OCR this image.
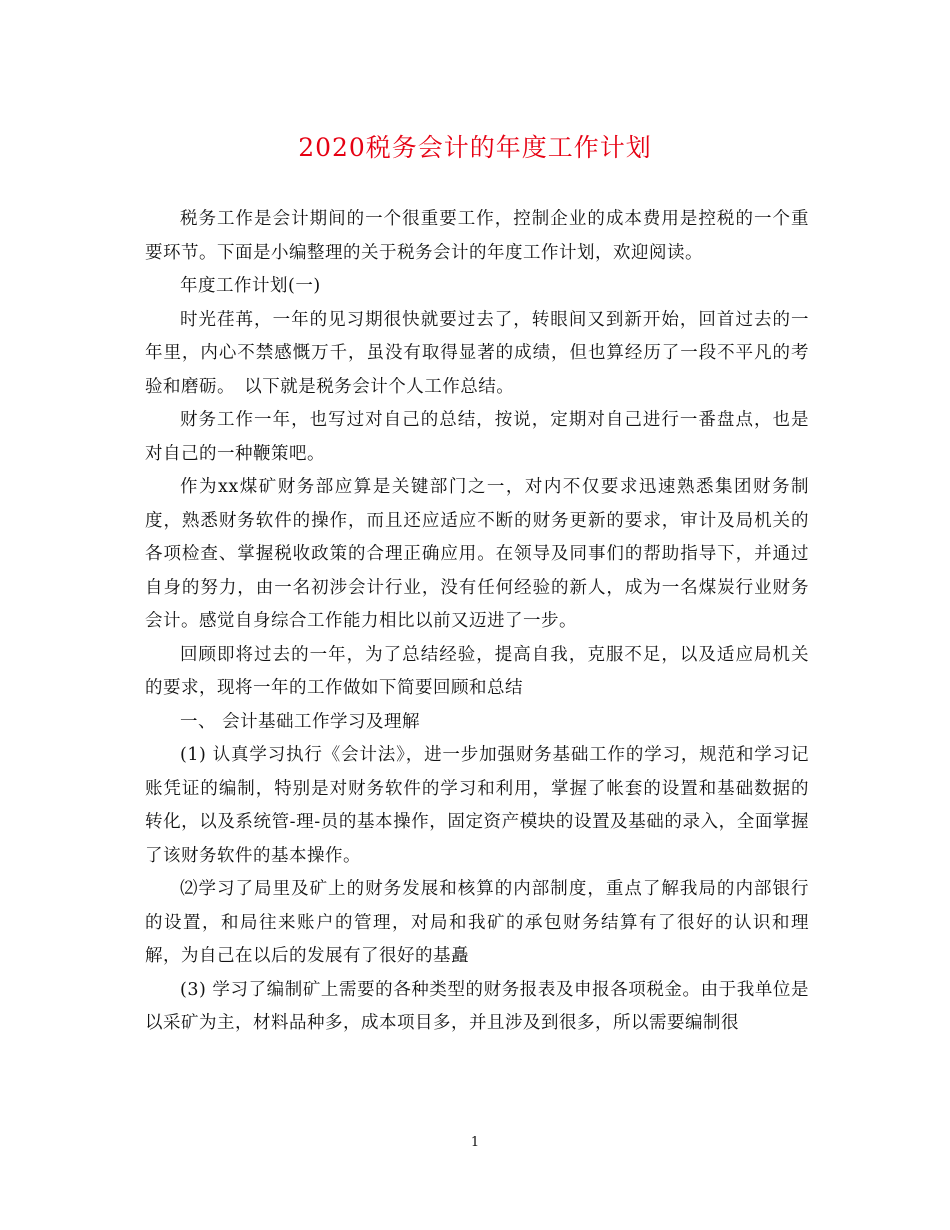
2020税务会计的年度工作计划

税务工作是会计期间的一个很重要工作，控制企业的成本费用是控税的一个重要环节。下面是小编整理的关于税务会计的年度工作计划，欢迎阅读。

年度工作计划(一)

时光荏苒，一年的见习期很快就要过去了，转眼间又到新开始，回首过去的一年里，内心不禁感慨万千，虽没有取得显著的成绩，但也算经历了一段不平凡的考验和磨砺。　以下就是税务会计个人工作总结。

财务工作一年，也写过对自己的总结，按说，定期对自己进行一番盘点，也是对自己的一种鞭策吧。

作为xx煤矿财务部应算是关键部门之一，对内不仅要求迅速熟悉集团财务制度，熟悉财务软件的操作，而且还应适应不断的财务更新的要求，审计及局机关的各项检查、掌握税收政策的合理正确应用。在领导及同事们的帮助指导下，并通过自身的努力，由一名初涉会计行业，没有任何经验的新人，成为一名煤炭行业财务会计。感觉自身综合工作能力相比以前又迈进了一步。

回顾即将过去的一年，为了总结经验，提高自我，克服不足，以及适应局机关的要求，现将一年的工作做如下简要回顾和总结

一、 会计基础工作学习及理解

(1) 认真学习执行《会计法》，进一步加强财务基础工作的学习，规范和学习记账凭证的编制，特别是对财务软件的学习和利用，掌握了帐套的设置和基础数据的转化，以及系统管-理-员的基本操作，固定资产模块的设置及基础的录入，全面掌握了该财务软件的基本操作。

⑵学习了局里及矿上的财务发展和核算的内部制度，重点了解我局的内部银行的设置，和局往来账户的管理，对局和我矿的承包财务结算有了很好的认识和理解，为自己在以后的发展有了很好的基矗

(3) 学习了编制矿上需要的各种类型的财务报表及申报各项税金。由于我单位是以采矿为主，材料品种多，成本项目多，并且涉及到很多，所以需要编制很

1
